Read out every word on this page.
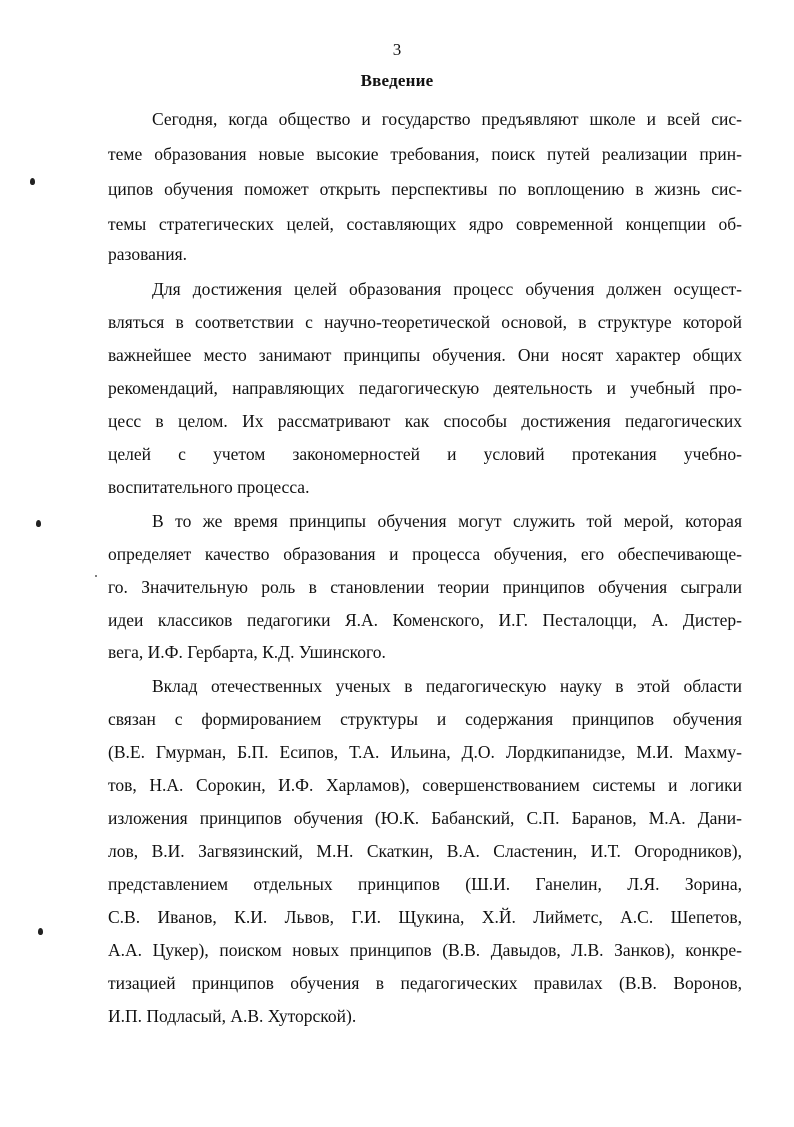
3
Введение
Сегодня, когда общество и государство предъявляют школе и всей сис-
теме образования новые высокие требования, поиск путей реализации прин-
ципов обучения поможет открыть перспективы по воплощению в жизнь сис-
темы стратегических целей, составляющих ядро современной концепции об-
разования.
Для достижения целей образования процесс обучения должен осущест-
вляться в соответствии с научно-теоретической основой, в структуре которой
важнейшее место занимают принципы обучения. Они носят характер общих
рекомендаций, направляющих педагогическую деятельность и учебный про-
цесс в целом. Их рассматривают как способы достижения педагогических
целей с учетом закономерностей и условий протекания учебно-
воспитательного процесса.
В то же время принципы обучения могут служить той мерой, которая
определяет качество образования и процесса обучения, его обеспечивающе-
го. Значительную роль в становлении теории принципов обучения сыграли
идеи классиков педагогики Я.А. Коменского, И.Г. Песталоцци, А. Дистер-
вега, И.Ф. Гербарта, К.Д. Ушинского.
Вклад отечественных ученых в педагогическую науку в этой области
связан с формированием структуры и содержания принципов обучения
(В.Е. Гмурман, Б.П. Есипов, Т.А. Ильина, Д.О. Лордкипанидзе, М.И. Махму-
тов, Н.А. Сорокин, И.Ф. Харламов), совершенствованием системы и логики
изложения принципов обучения (Ю.К. Бабанский, С.П. Баранов, М.А. Дани-
лов, В.И. Загвязинский, М.Н. Скаткин, В.А. Сластенин, И.Т. Огородников),
представлением отдельных принципов (Ш.И. Ганелин, Л.Я. Зорина,
С.В. Иванов, К.И. Львов, Г.И. Щукина, Х.Й. Лийметс, А.С. Шепетов,
А.А. Цукер), поиском новых принципов (В.В. Давыдов, Л.В. Занков), конкре-
тизацией принципов обучения в педагогических правилах (В.В. Воронов,
И.П. Подласый, А.В. Хуторской).
